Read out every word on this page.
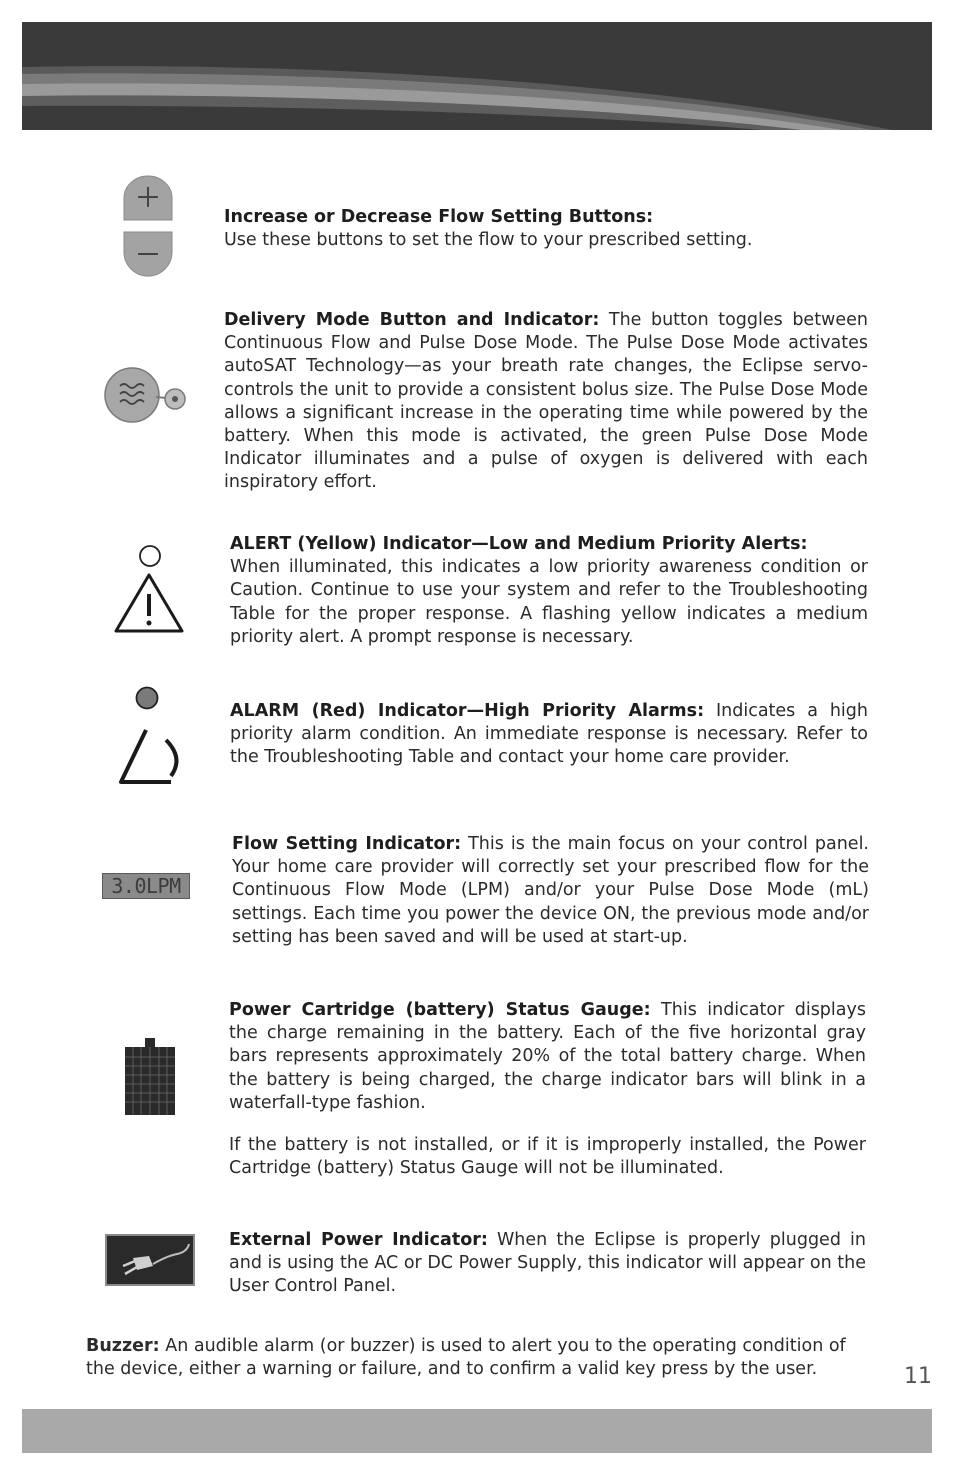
Increase or Decrease Flow Setting Buttons:
Use these buttons to set the flow to your prescribed setting.
Delivery Mode Button and Indicator: The button toggles between Continuous Flow and Pulse Dose Mode. The Pulse Dose Mode activates autoSAT Technology—as your breath rate changes, the Eclipse servo-controls the unit to provide a consistent bolus size. The Pulse Dose Mode allows a significant increase in the operating time while powered by the battery. When this mode is activated, the green Pulse Dose Mode Indicator illuminates and a pulse of oxygen is delivered with each inspiratory effort.
ALERT (Yellow) Indicator—Low and Medium Priority Alerts:
When illuminated, this indicates a low priority awareness condition or Caution. Continue to use your system and refer to the Troubleshooting Table for the proper response. A flashing yellow indicates a medium priority alert. A prompt response is necessary.
ALARM (Red) Indicator—High Priority Alarms: Indicates a high priority alarm condition. An immediate response is necessary. Refer to the Troubleshooting Table and contact your home care provider.
3.0LPM
Flow Setting Indicator: This is the main focus on your control panel. Your home care provider will correctly set your prescribed flow for the Continuous Flow Mode (LPM) and/or your Pulse Dose Mode (mL) settings. Each time you power the device ON, the previous mode and/or setting has been saved and will be used at start-up.

Power Cartridge (battery) Status Gauge: This indicator displays the charge remaining in the battery. Each of the five horizontal gray bars represents approximately 20% of the total battery charge. When the battery is being charged, the charge indicator bars will blink in a waterfall-type fashion.

If the battery is not installed, or if it is improperly installed, the Power Cartridge (battery) Status Gauge will not be illuminated.

External Power Indicator: When the Eclipse is properly plugged in and is using the AC or DC Power Supply, this indicator will appear on the User Control Panel.
Buzzer: An audible alarm (or buzzer) is used to alert you to the operating condition of the device, either a warning or failure, and to confirm a valid key press by the user.	11
